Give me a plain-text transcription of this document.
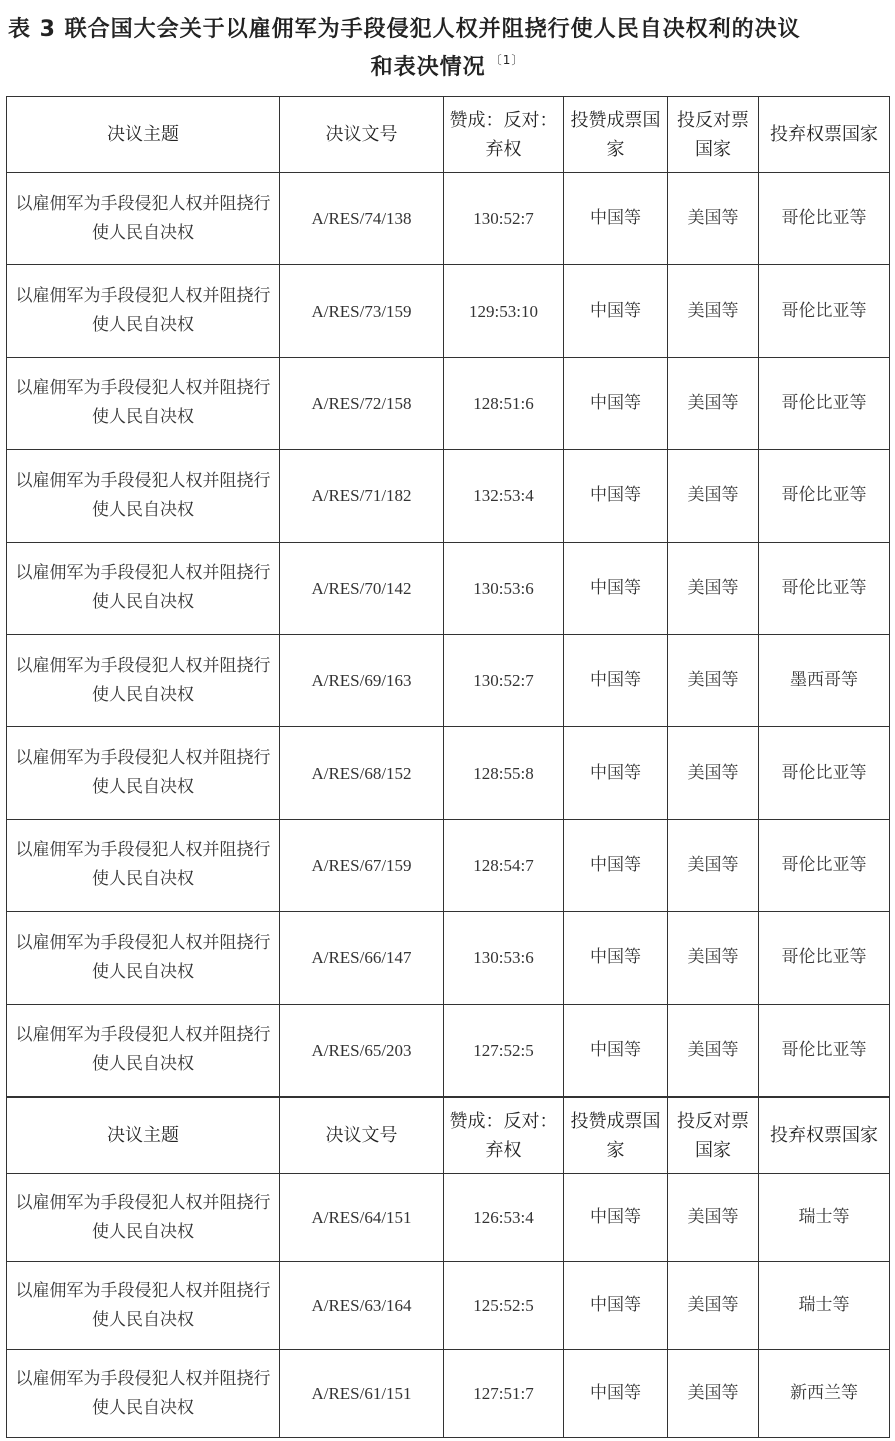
表 3 联合国大会关于以雇佣军为手段侵犯人权并阻挠行使人民自决权利的决议
和表决情况 $^{〔1〕}$
决议主题	决议文号	赞成：反对：弃权	投赞成票国家	投反对票国家	投弃权票国家
以雇佣军为手段侵犯人权并阻挠行使人民自决权	A/RES/74/138	130:52:7	中国等	美国等	哥伦比亚等
以雇佣军为手段侵犯人权并阻挠行使人民自决权	A/RES/73/159	129:53:10	中国等	美国等	哥伦比亚等
以雇佣军为手段侵犯人权并阻挠行使人民自决权	A/RES/72/158	128:51:6	中国等	美国等	哥伦比亚等
以雇佣军为手段侵犯人权并阻挠行使人民自决权	A/RES/71/182	132:53:4	中国等	美国等	哥伦比亚等
以雇佣军为手段侵犯人权并阻挠行使人民自决权	A/RES/70/142	130:53:6	中国等	美国等	哥伦比亚等
以雇佣军为手段侵犯人权并阻挠行使人民自决权	A/RES/69/163	130:52:7	中国等	美国等	墨西哥等
以雇佣军为手段侵犯人权并阻挠行使人民自决权	A/RES/68/152	128:55:8	中国等	美国等	哥伦比亚等
以雇佣军为手段侵犯人权并阻挠行使人民自决权	A/RES/67/159	128:54:7	中国等	美国等	哥伦比亚等
以雇佣军为手段侵犯人权并阻挠行使人民自决权	A/RES/66/147	130:53:6	中国等	美国等	哥伦比亚等
以雇佣军为手段侵犯人权并阻挠行使人民自决权	A/RES/65/203	127:52:5	中国等	美国等	哥伦比亚等
决议主题	决议文号	赞成：反对：弃权	投赞成票国家	投反对票国家	投弃权票国家
以雇佣军为手段侵犯人权并阻挠行使人民自决权	A/RES/64/151	126:53:4	中国等	美国等	瑞士等
以雇佣军为手段侵犯人权并阻挠行使人民自决权	A/RES/63/164	125:52:5	中国等	美国等	瑞士等
以雇佣军为手段侵犯人权并阻挠行使人民自决权	A/RES/61/151	127:51:7	中国等	美国等	新西兰等
